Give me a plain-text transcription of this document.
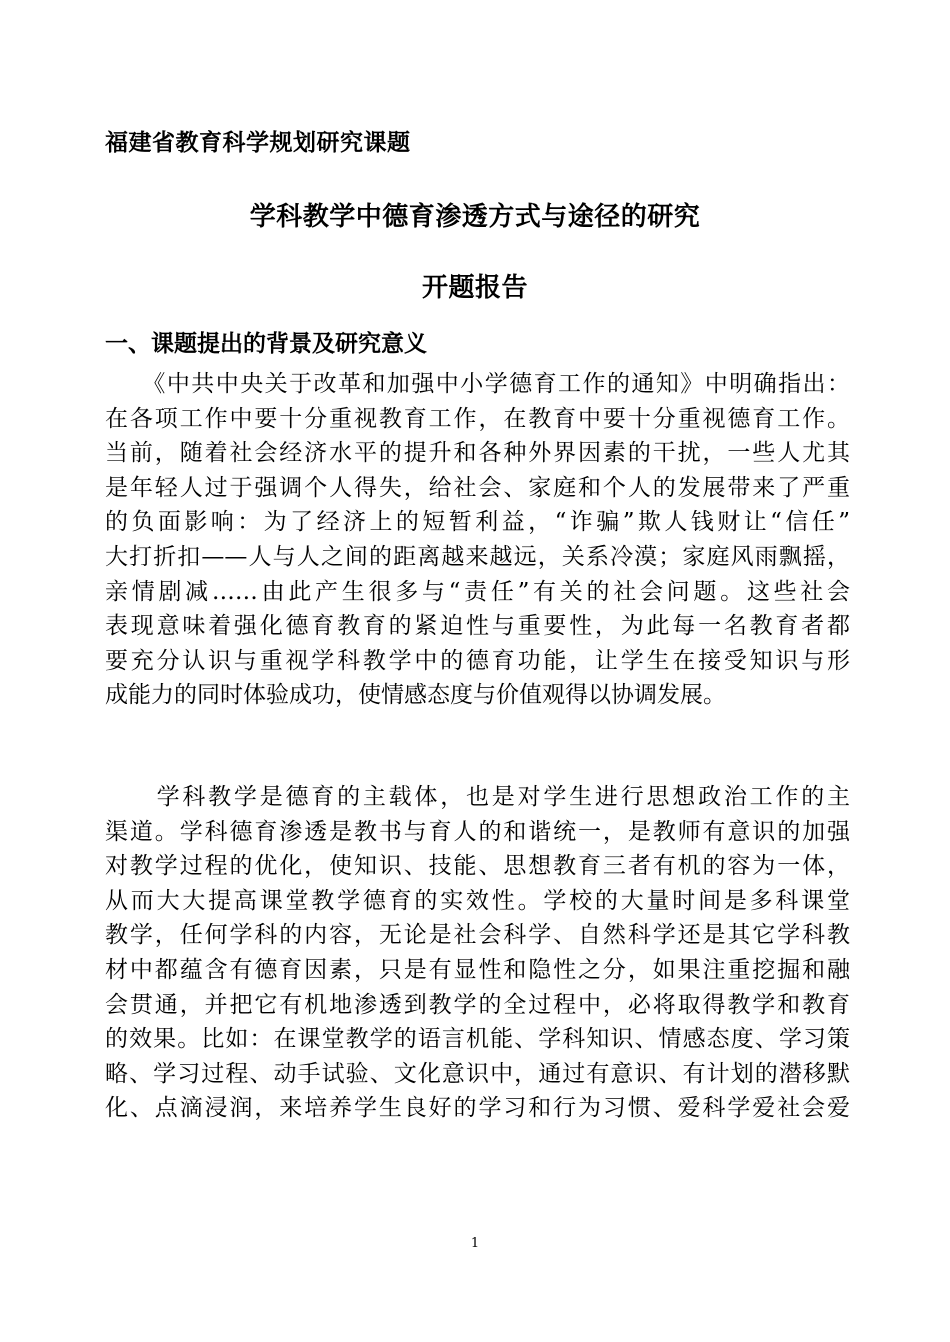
福建省教育科学规划研究课题
学科教学中德育渗透方式与途径的研究
开题报告
一、课题提出的背景及研究意义
　　《中共中央关于改革和加强中小学德育工作的通知》中明确指出：
在各项工作中要十分重视教育工作，在教育中要十分重视德育工作。
当前，随着社会经济水平的提升和各种外界因素的干扰，一些人尤其
是年轻人过于强调个人得失，给社会、家庭和个人的发展带来了严重
的负面影响：为了经济上的短暂利益，“诈骗”欺人钱财让“信任”
大打折扣——人与人之间的距离越来越远，关系冷漠；家庭风雨飘摇，
亲情剧减……由此产生很多与“责任”有关的社会问题。这些社会
表现意味着强化德育教育的紧迫性与重要性，为此每一名教育者都
要充分认识与重视学科教学中的德育功能，让学生在接受知识与形
成能力的同时体验成功，使情感态度与价值观得以协调发展。
　　学科教学是德育的主载体，也是对学生进行思想政治工作的主
渠道。学科德育渗透是教书与育人的和谐统一，是教师有意识的加强
对教学过程的优化，使知识、技能、思想教育三者有机的容为一体，
从而大大提高课堂教学德育的实效性。学校的大量时间是多科课堂
教学，任何学科的内容，无论是社会科学、自然科学还是其它学科教
材中都蕴含有德育因素，只是有显性和隐性之分，如果注重挖掘和融
会贯通，并把它有机地渗透到教学的全过程中，必将取得教学和教育
的效果。比如：在课堂教学的语言机能、学科知识、情感态度、学习策
略、学习过程、动手试验、文化意识中，通过有意识、有计划的潜移默
化、点滴浸润，来培养学生良好的学习和行为习惯、爱科学爱社会爱
1
